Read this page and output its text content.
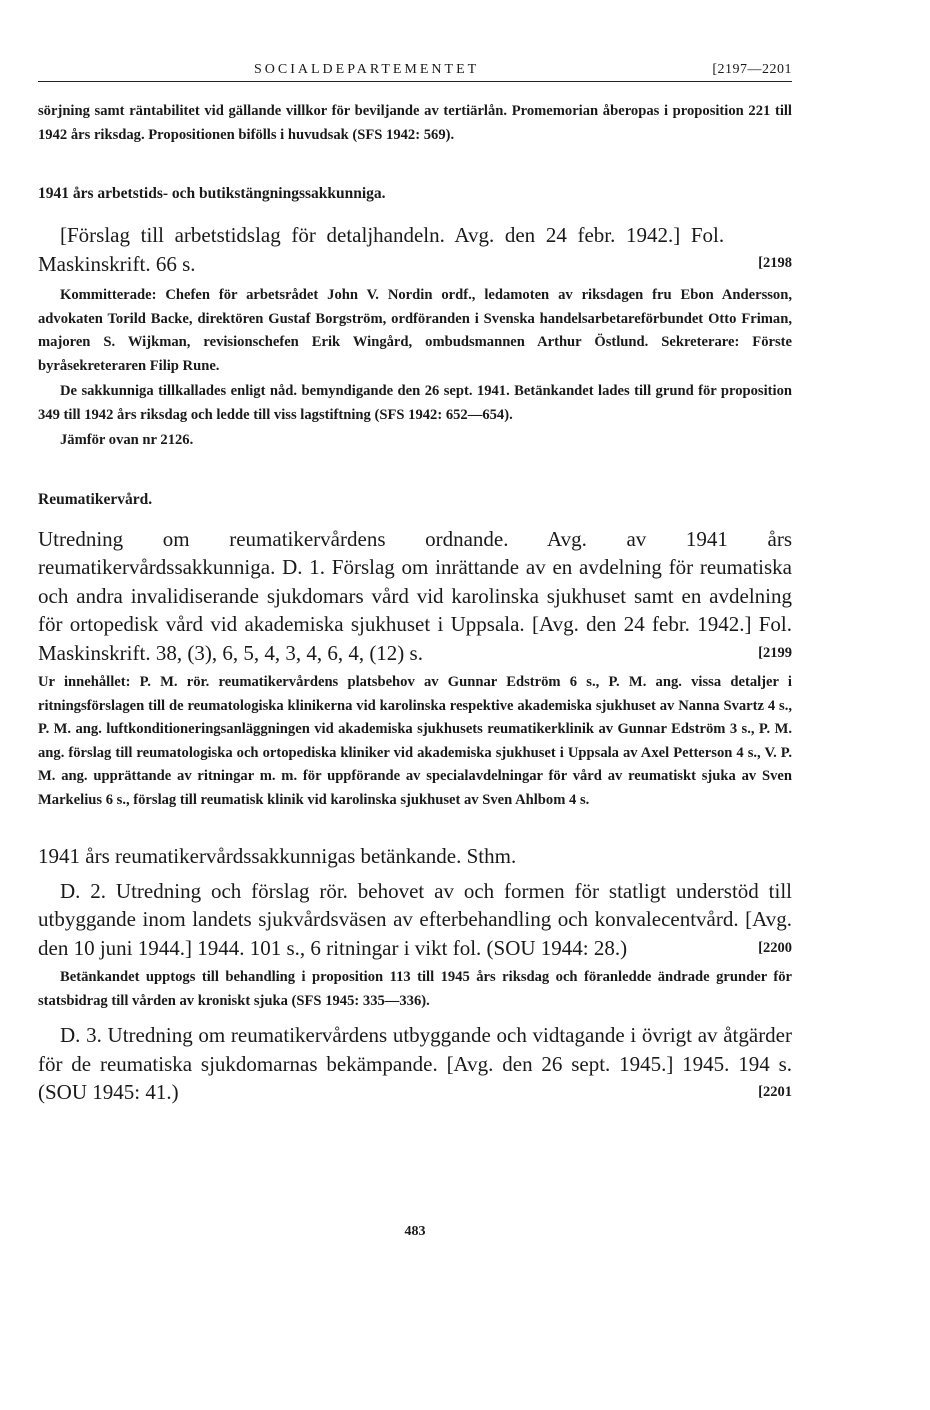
SOCIALDEPARTEMENTET	[2197—2201

sörjning samt räntabilitet vid gällande villkor för beviljande av tertiärlån. Promemorian åberopas i proposition 221 till 1942 års riksdag. Propositionen bifölls i huvudsak (SFS 1942: 569).

1941 års arbetstids- och butikstängningssakkunniga.

[2198
[Förslag till arbetstidslag för detaljhandeln. Avg. den 24 febr. 1942.] Fol. Maskinskrift. 66 s.

Kommitterade: Chefen för arbetsrådet John V. Nordin ordf., ledamoten av riksdagen fru Ebon Andersson, advokaten Torild Backe, direktören Gustaf Borgström, ordföranden i Svenska handelsarbetareförbundet Otto Friman, majoren S. Wijkman, revisionschefen Erik Wingård, ombudsmannen Arthur Östlund. Sekreterare: Förste byråsekreteraren Filip Rune.

De sakkunniga tillkallades enligt nåd. bemyndigande den 26 sept. 1941. Betänkandet lades till grund för proposition 349 till 1942 års riksdag och ledde till viss lagstiftning (SFS 1942: 652—654).

Jämför ovan nr 2126.

Reumatikervård.

Utredning om reumatikervårdens ordnande. Avg. av 1941 års reumatikervårdssakkunniga. D. 1. Förslag om inrättande av en avdelning för reumatiska och andra invalidiserande sjukdomars vård vid karolinska sjukhuset samt en avdelning för ortopedisk vård vid akademiska sjukhuset i Uppsala. [Avg. den 24 febr. 1942.] Fol. Maskinskrift. 38, (3), 6, 5, 4, 3, 4, 6, 4, (12) s.	[2199

Ur innehållet: P. M. rör. reumatikervårdens platsbehov av Gunnar Edström 6 s., P. M. ang. vissa detaljer i ritningsförslagen till de reumatologiska klinikerna vid karolinska respektive akademiska sjukhuset av Nanna Svartz 4 s., P. M. ang. luftkonditioneringsanläggningen vid akademiska sjukhusets reumatikerklinik av Gunnar Edström 3 s., P. M. ang. förslag till reumatologiska och ortopediska kliniker vid akademiska sjukhuset i Uppsala av Axel Petterson 4 s., V. P. M. ang. upprättande av ritningar m. m. för uppförande av specialavdelningar för vård av reumatiskt sjuka av Sven Markelius 6 s., förslag till reumatisk klinik vid karolinska sjukhuset av Sven Ahlbom 4 s.

1941 års reumatikervårdssakkunnigas betänkande. Sthm.

D. 2. Utredning och förslag rör. behovet av och formen för statligt understöd till utbyggande inom landets sjukvårdsväsen av efterbehandling och konvalecentvård. [Avg. den 10 juni 1944.] 1944. 101 s., 6 ritningar i vikt fol. (SOU 1944: 28.)	[2200

Betänkandet upptogs till behandling i proposition 113 till 1945 års riksdag och föranledde ändrade grunder för statsbidrag till vården av kroniskt sjuka (SFS 1945: 335—336).

D. 3. Utredning om reumatikervårdens utbyggande och vidtagande i övrigt av åtgärder för de reumatiska sjukdomarnas bekämpande. [Avg. den 26 sept. 1945.] 1945. 194 s. (SOU 1945: 41.)	[2201

483
